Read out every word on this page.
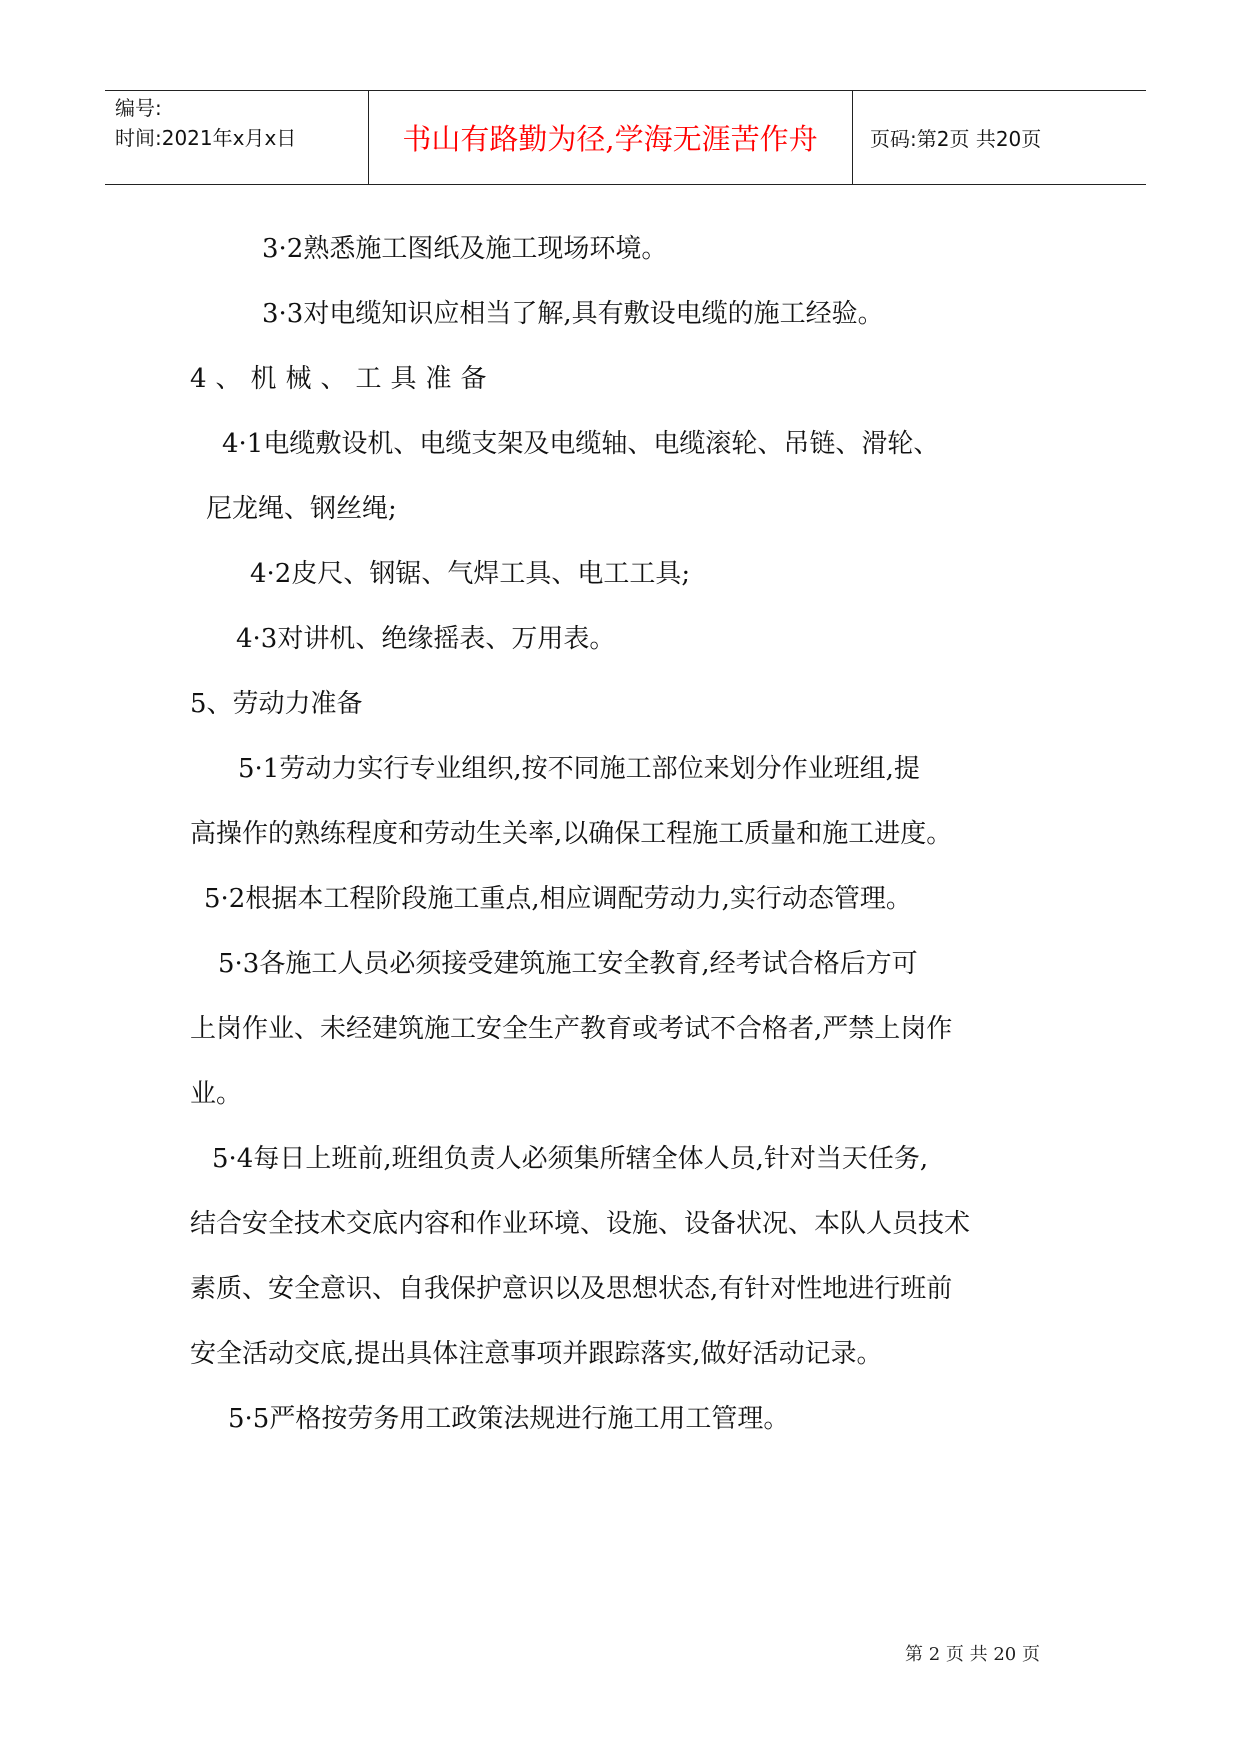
编号:
时间:2021年x月x日	书山有路勤为径,学海无涯苦作舟	页码:第2页 共20页
3·2熟悉施工图纸及施工现场环境。
3·3对电缆知识应相当了解,具有敷设电缆的施工经验。
4、机械、工具准备
4·1电缆敷设机、电缆支架及电缆轴、电缆滚轮、吊链、滑轮、
尼龙绳、钢丝绳;
4·2皮尺、钢锯、气焊工具、电工工具;
4·3对讲机、绝缘摇表、万用表。
5、劳动力准备
5·1劳动力实行专业组织,按不同施工部位来划分作业班组,提
高操作的熟练程度和劳动生关率,以确保工程施工质量和施工进度。
5·2根据本工程阶段施工重点,相应调配劳动力,实行动态管理。
5·3各施工人员必须接受建筑施工安全教育,经考试合格后方可
上岗作业、未经建筑施工安全生产教育或考试不合格者,严禁上岗作
业。
5·4每日上班前,班组负责人必须集所辖全体人员,针对当天任务,
结合安全技术交底内容和作业环境、设施、设备状况、本队人员技术
素质、安全意识、自我保护意识以及思想状态,有针对性地进行班前
安全活动交底,提出具体注意事项并跟踪落实,做好活动记录。
5·5严格按劳务用工政策法规进行施工用工管理。
第 2 页 共 20 页
